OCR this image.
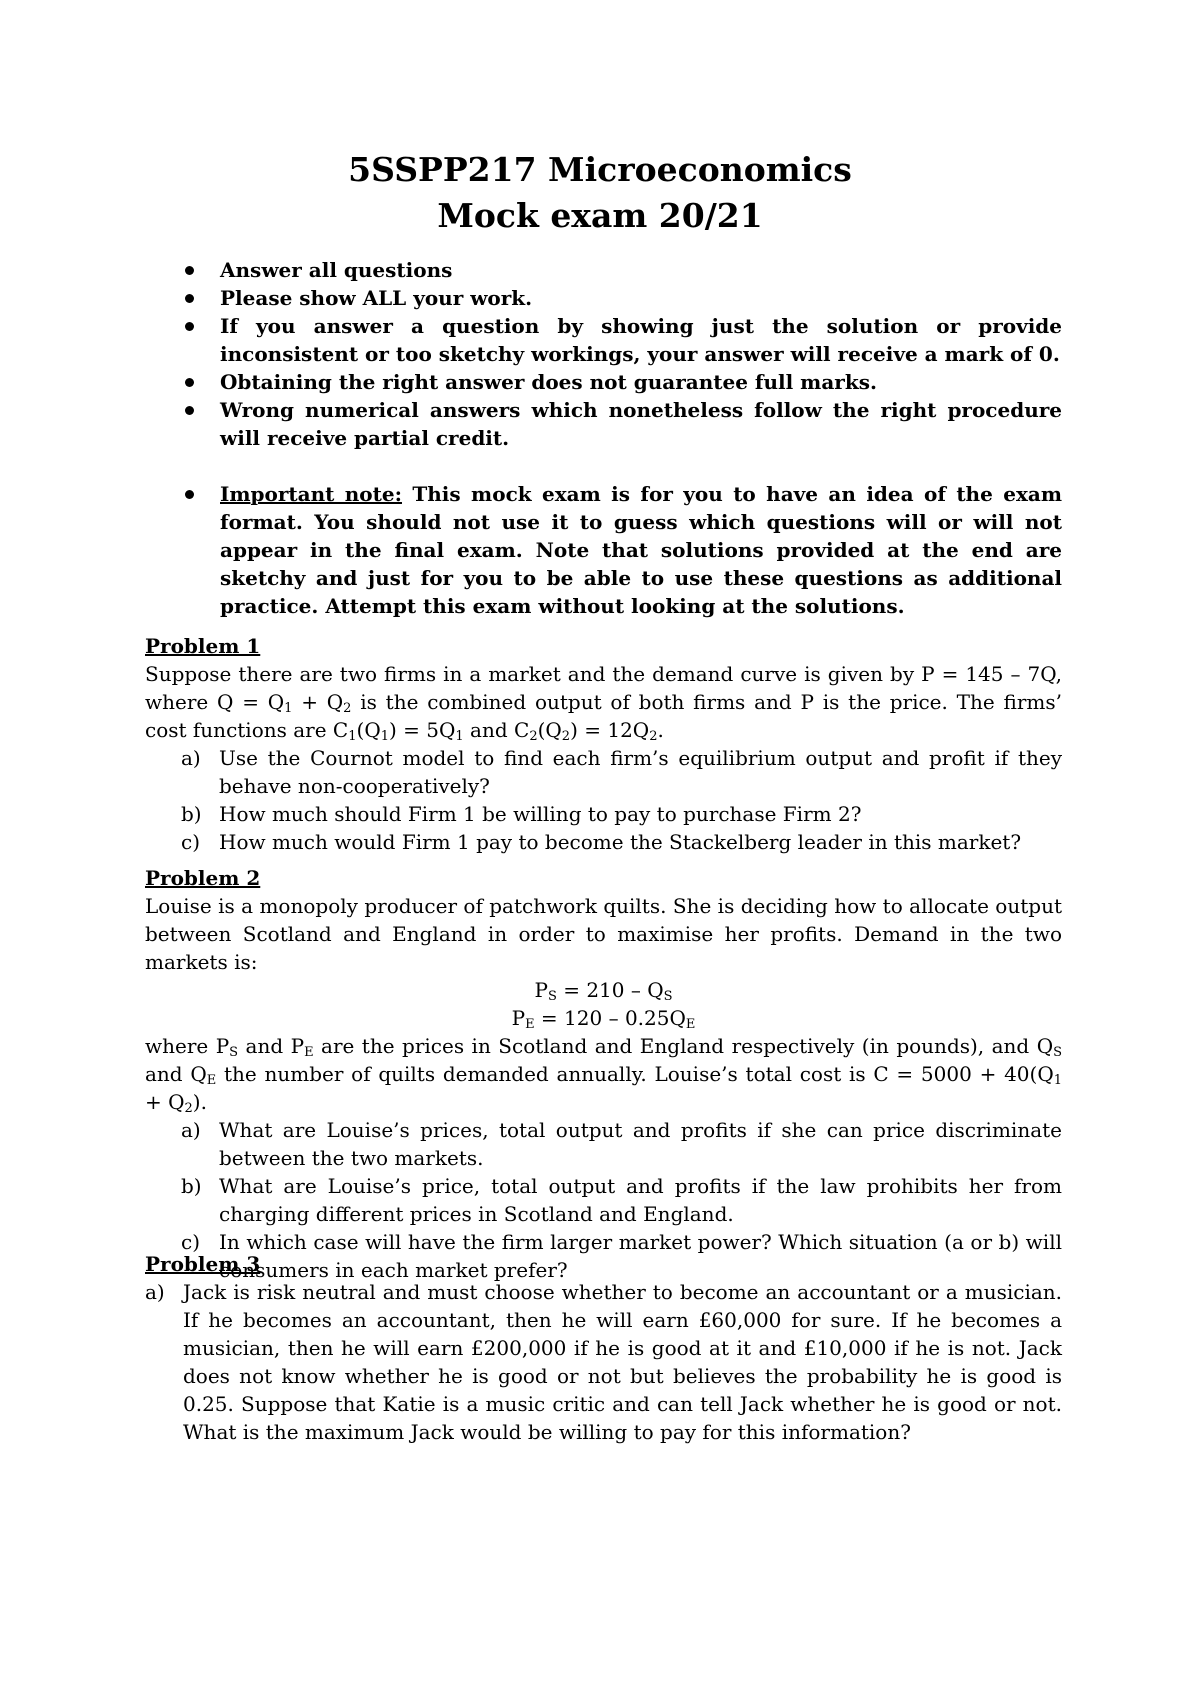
5SSPP217 Microeconomics
Mock exam 20/21
Answer all questions
Please show ALL your work.
If you answer a question by showing just the solution or provide inconsistent or too sketchy workings, your answer will receive a mark of 0.
Obtaining the right answer does not guarantee full marks.
Wrong numerical answers which nonetheless follow the right procedure will receive partial credit.
Important note: This mock exam is for you to have an idea of the exam format. You should not use it to guess which questions will or will not appear in the final exam. Note that solutions provided at the end are sketchy and just for you to be able to use these questions as additional practice. Attempt this exam without looking at the solutions.

Problem 1

Suppose there are two firms in a market and the demand curve is given by P = 145 – 7Q, where $Q = Q_1 + Q_2$ is the combined output of both firms and P is the price. The firms’ cost functions are $C_1(Q_1) = 5Q_1$ and $C_2(Q_2) = 12Q_2$.

a) Use the Cournot model to find each firm’s equilibrium output and profit if they behave non-cooperatively?
b) How much should Firm 1 be willing to pay to purchase Firm 2?
c) How much would Firm 1 pay to become the Stackelberg leader in this market?

Problem 2

Louise is a monopoly producer of patchwork quilts. She is deciding how to allocate output between Scotland and England in order to maximise her profits. Demand in the two markets is:

$P_S = 210 - Q_S$

$P_E = 120 - 0.25Q_E$

where $P_S$ and $P_E$ are the prices in Scotland and England respectively (in pounds), and $Q_S$ and $Q_E$ the number of quilts demanded annually. Louise’s total cost is $C = 5000 + 40(Q_1 + Q_2)$.

a) What are Louise’s prices, total output and profits if she can price discriminate between the two markets.
b) What are Louise’s price, total output and profits if the law prohibits her from charging different prices in Scotland and England.
c) In which case will have the firm larger market power? Which situation (a or b) will consumers in each market prefer?

Problem 3

a) Jack is risk neutral and must choose whether to become an accountant or a musician. If he becomes an accountant, then he will earn £60,000 for sure. If he becomes a musician, then he will earn £200,000 if he is good at it and £10,000 if he is not. Jack does not know whether he is good or not but believes the probability he is good is 0.25. Suppose that Katie is a music critic and can tell Jack whether he is good or not. What is the maximum Jack would be willing to pay for this information?
